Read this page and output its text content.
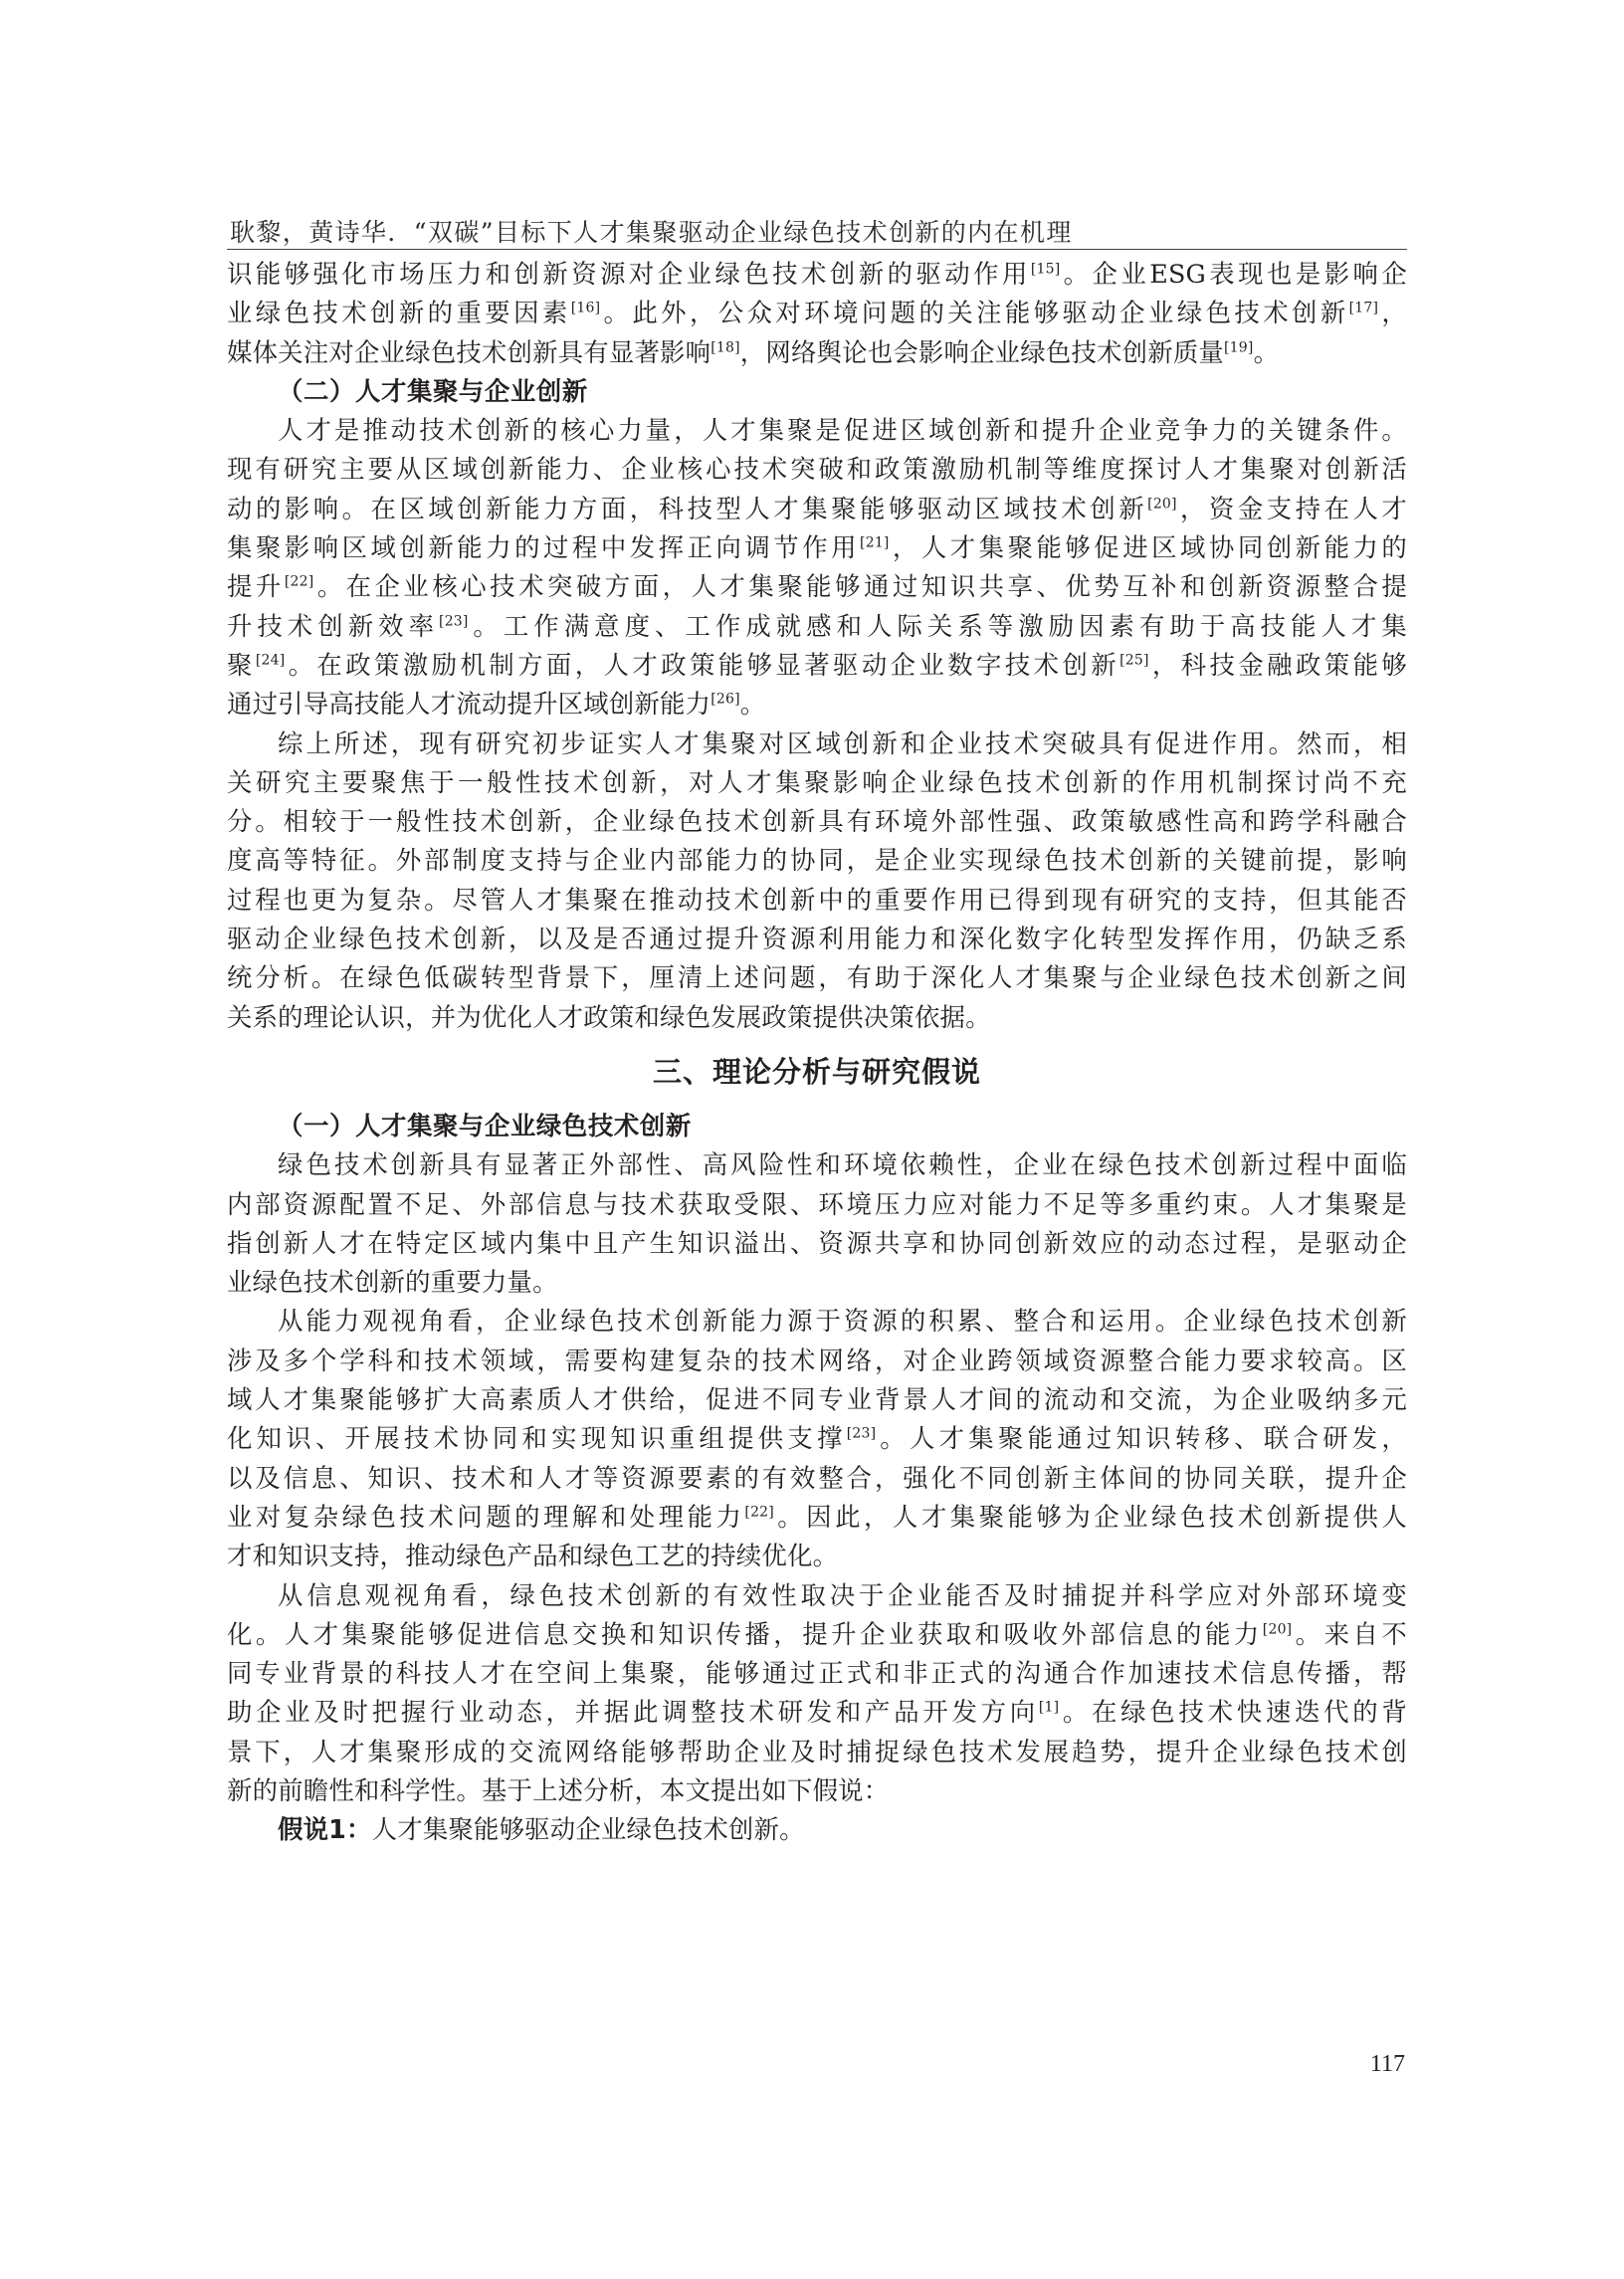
耿黎，黄诗华．“双碳”目标下人才集聚驱动企业绿色技术创新的内在机理

识能够强化市场压力和创新资源对企业绿色技术创新的驱动作用[15]。企业ESG表现也是影响企

业绿色技术创新的重要因素[16]。此外，公众对环境问题的关注能够驱动企业绿色技术创新[17]，

媒体关注对企业绿色技术创新具有显著影响[18]，网络舆论也会影响企业绿色技术创新质量[19]。

（二）人才集聚与企业创新

人才是推动技术创新的核心力量，人才集聚是促进区域创新和提升企业竞争力的关键条件。

现有研究主要从区域创新能力、企业核心技术突破和政策激励机制等维度探讨人才集聚对创新活

动的影响。在区域创新能力方面，科技型人才集聚能够驱动区域技术创新[20]，资金支持在人才

集聚影响区域创新能力的过程中发挥正向调节作用[21]，人才集聚能够促进区域协同创新能力的

提升[22]。在企业核心技术突破方面，人才集聚能够通过知识共享、优势互补和创新资源整合提

升技术创新效率[23]。工作满意度、工作成就感和人际关系等激励因素有助于高技能人才集

聚[24]。在政策激励机制方面，人才政策能够显著驱动企业数字技术创新[25]，科技金融政策能够

通过引导高技能人才流动提升区域创新能力[26]。

综上所述，现有研究初步证实人才集聚对区域创新和企业技术突破具有促进作用。然而，相

关研究主要聚焦于一般性技术创新，对人才集聚影响企业绿色技术创新的作用机制探讨尚不充

分。相较于一般性技术创新，企业绿色技术创新具有环境外部性强、政策敏感性高和跨学科融合

度高等特征。外部制度支持与企业内部能力的协同，是企业实现绿色技术创新的关键前提，影响

过程也更为复杂。尽管人才集聚在推动技术创新中的重要作用已得到现有研究的支持，但其能否

驱动企业绿色技术创新，以及是否通过提升资源利用能力和深化数字化转型发挥作用，仍缺乏系

统分析。在绿色低碳转型背景下，厘清上述问题，有助于深化人才集聚与企业绿色技术创新之间

关系的理论认识，并为优化人才政策和绿色发展政策提供决策依据。

三、理论分析与研究假说

（一）人才集聚与企业绿色技术创新

绿色技术创新具有显著正外部性、高风险性和环境依赖性，企业在绿色技术创新过程中面临

内部资源配置不足、外部信息与技术获取受限、环境压力应对能力不足等多重约束。人才集聚是

指创新人才在特定区域内集中且产生知识溢出、资源共享和协同创新效应的动态过程，是驱动企

业绿色技术创新的重要力量。

从能力观视角看，企业绿色技术创新能力源于资源的积累、整合和运用。企业绿色技术创新

涉及多个学科和技术领域，需要构建复杂的技术网络，对企业跨领域资源整合能力要求较高。区

域人才集聚能够扩大高素质人才供给，促进不同专业背景人才间的流动和交流，为企业吸纳多元

化知识、开展技术协同和实现知识重组提供支撑[23]。人才集聚能通过知识转移、联合研发，

以及信息、知识、技术和人才等资源要素的有效整合，强化不同创新主体间的协同关联，提升企

业对复杂绿色技术问题的理解和处理能力[22]。因此，人才集聚能够为企业绿色技术创新提供人

才和知识支持，推动绿色产品和绿色工艺的持续优化。

从信息观视角看，绿色技术创新的有效性取决于企业能否及时捕捉并科学应对外部环境变

化。人才集聚能够促进信息交换和知识传播，提升企业获取和吸收外部信息的能力[20]。来自不

同专业背景的科技人才在空间上集聚，能够通过正式和非正式的沟通合作加速技术信息传播，帮

助企业及时把握行业动态，并据此调整技术研发和产品开发方向[1]。在绿色技术快速迭代的背

景下，人才集聚形成的交流网络能够帮助企业及时捕捉绿色技术发展趋势，提升企业绿色技术创

新的前瞻性和科学性。基于上述分析，本文提出如下假说：

假说1：人才集聚能够驱动企业绿色技术创新。

117
